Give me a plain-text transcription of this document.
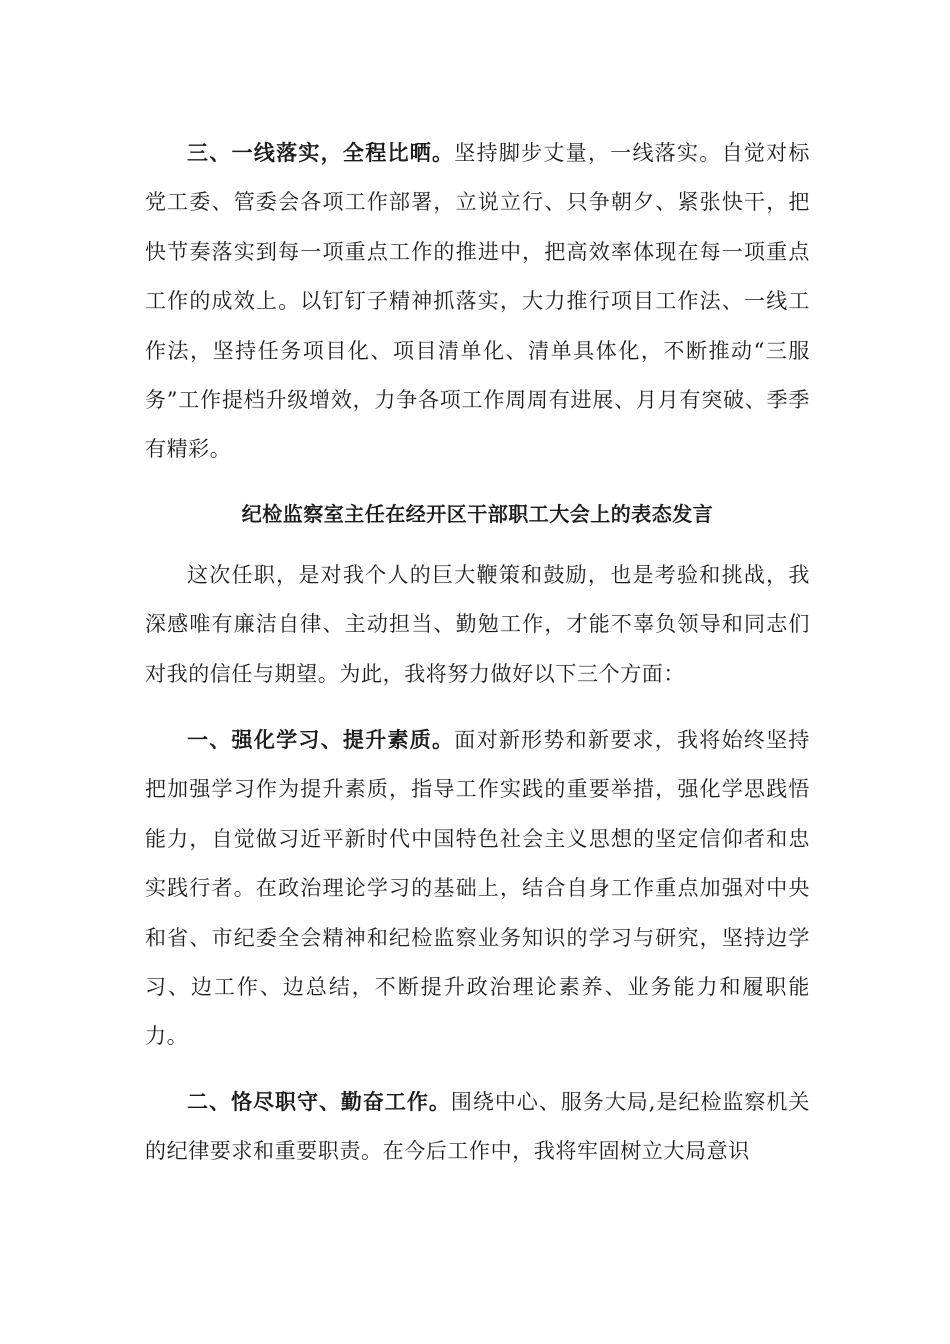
三、一线落实，全程比晒。坚持脚步丈量，一线落实。自觉对标党工委、管委会各项工作部署，立说立行、只争朝夕、紧张快干，把快节奏落实到每一项重点工作的推进中，把高效率体现在每一项重点工作的成效上。以钉钉子精神抓落实，大力推行项目工作法、一线工作法，坚持任务项目化、项目清单化、清单具体化，不断推动“三服务”工作提档升级增效，力争各项工作周周有进展、月月有突破、季季有精彩。

纪检监察室主任在经开区干部职工大会上的表态发言

这次任职，是对我个人的巨大鞭策和鼓励，也是考验和挑战，我深感唯有廉洁自律、主动担当、勤勉工作，才能不辜负领导和同志们对我的信任与期望。为此，我将努力做好以下三个方面：

一、强化学习、提升素质。面对新形势和新要求，我将始终坚持把加强学习作为提升素质，指导工作实践的重要举措，强化学思践悟能力，自觉做习近平新时代中国特色社会主义思想的坚定信仰者和忠实践行者。在政治理论学习的基础上，结合自身工作重点加强对中央和省、市纪委全会精神和纪检监察业务知识的学习与研究，坚持边学习、边工作、边总结，不断提升政治理论素养、业务能力和履职能力。

二、恪尽职守、勤奋工作。围绕中心、服务大局,是纪检监察机关的纪律要求和重要职责。在今后工作中，我将牢固树立大局意识
